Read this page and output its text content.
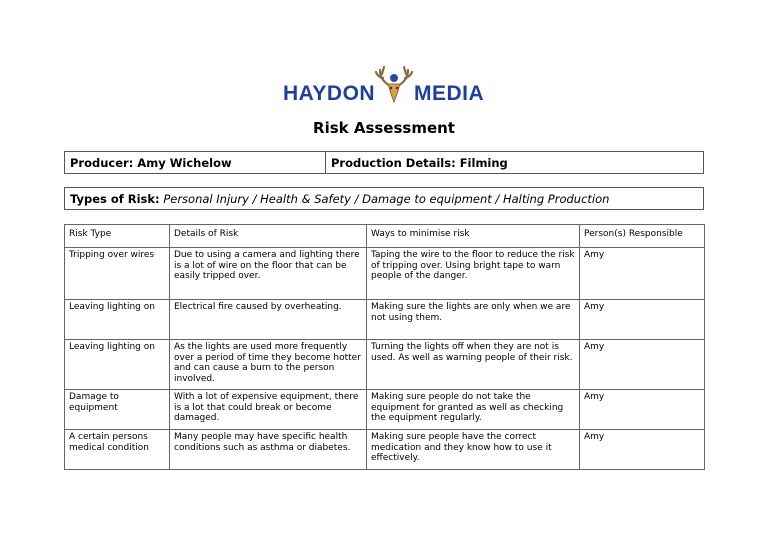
HAYDON MEDIA
Risk Assessment
Producer: Amy Wichelow	Production Details: Filming
Types of Risk: Personal Injury / Health & Safety / Damage to equipment / Halting Production
Risk Type	Details of Risk	Ways to minimise risk	Person(s) Responsible
Tripping over wires	Due to using a camera and lighting there is a lot of wire on the floor that can be easily tripped over.	Taping the wire to the floor to reduce the risk of tripping over. Using bright tape to warn people of the danger.	Amy
Leaving lighting on	Electrical fire caused by overheating.	Making sure the lights are only when we are not using them.	Amy
Leaving lighting on	As the lights are used more frequently over a period of time they become hotter and can cause a burn to the person involved.	Turning the lights off when they are not is used. As well as warning people of their risk.	Amy
Damage to equipment	With a lot of expensive equipment, there is a lot that could break or become damaged.	Making sure people do not take the equipment for granted as well as checking the equipment regularly.	Amy
A certain persons medical condition	Many people may have specific health conditions such as asthma or diabetes.	Making sure people have the correct medication and they know how to use it effectively.	Amy
